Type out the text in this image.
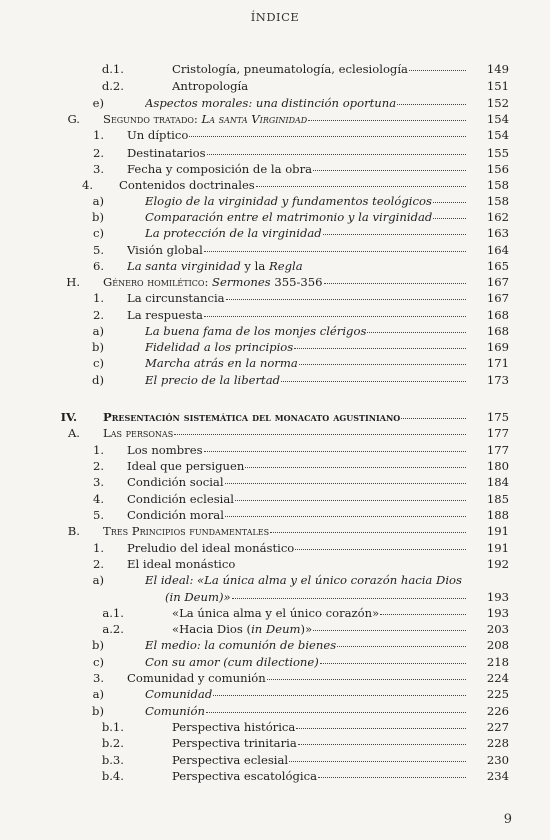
ÍNDICE
d.1.	Cristología, pneumatología, eclesiología	149
d.2.	Antropología	151
e)	Aspectos morales: una distinción oportuna	152
G. Segundo tratado: La santa Virginidad	154
1. Un díptico	154
2. Destinatarios	155
3. Fecha y composición de la obra	156
4. Contenidos doctrinales	158
a)	Elogio de la virginidad y fundamentos teológicos	158
b)	Comparación entre el matrimonio y la virginidad	162
c)	La protección de la virginidad	163
5. Visión global	164
6. La santa virginidad y la Regla	165
H. Género homilético: Sermones 355-356	167
1. La circunstancia	167
2. La respuesta	168
a)	La buena fama de los monjes clérigos	168
b)	Fidelidad a los principios	169
c)	Marcha atrás en la norma	171
d)	El precio de la libertad	173
IV. Presentación sistemática del monacato agustiniano	175
A. Las personas	177
1. Los nombres	177
2. Ideal que persiguen	180
3. Condición social	184
4. Condición eclesial	185
5. Condición moral	188
B. Tres Principios fundamentales	191
1. Preludio del ideal monástico	191
2. El ideal monástico	192
a)	El ideal: «La única alma y el único corazón hacia Dios
(in Deum)»	193
a.1.	«La única alma y el único corazón»	193
a.2.	«Hacia Dios (in Deum)»	203
b)	El medio: la comunión de bienes	208
c)	Con su amor (cum dilectione)	218
3. Comunidad y comunión	224
a)	Comunidad	225
b)	Comunión	226
b.1.	Perspectiva histórica	227
b.2.	Perspectiva trinitaria	228
b.3.	Perspectiva eclesial	230
b.4.	Perspectiva escatológica	234
9
